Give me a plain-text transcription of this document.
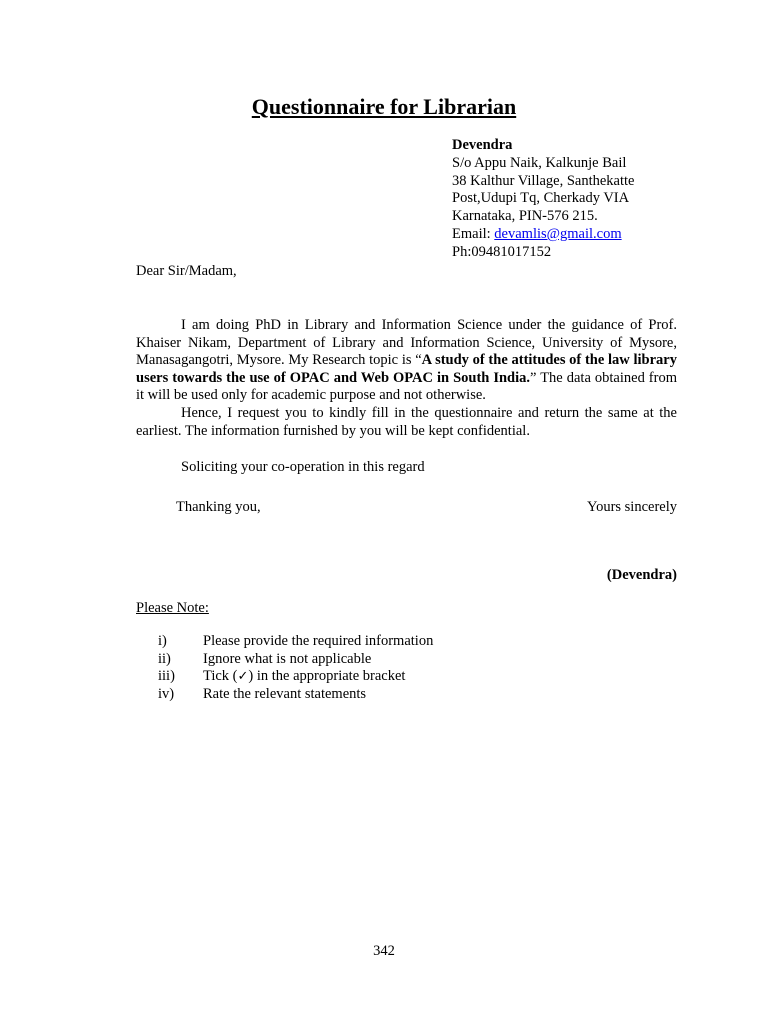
Questionnaire for Librarian
Devendra
S/o Appu Naik, Kalkunje Bail
38 Kalthur Village, Santhekatte
Post,Udupi Tq, Cherkady VIA
Karnataka, PIN-576 215.
Email: devamlis@gmail.com
Ph:09481017152
Dear Sir/Madam,

I am doing PhD in Library and Information Science under the guidance of Prof. Khaiser Nikam, Department of Library and Information Science, University of Mysore, Manasagangotri, Mysore. My Research topic is “A study of the attitudes of the law library users towards the use of OPAC and Web OPAC in South India.” The data obtained from it will be used only for academic purpose and not otherwise.

Hence, I request you to kindly fill in the questionnaire and return the same at the earliest. The information furnished by you will be kept confidential.

Soliciting your co-operation in this regard
Thanking you,	Yours sincerely
(Devendra)
Please Note:
i)	Please provide the required information
ii)	Ignore what is not applicable
iii)	Tick (✓) in the appropriate bracket
iv)	Rate the relevant statements
342
